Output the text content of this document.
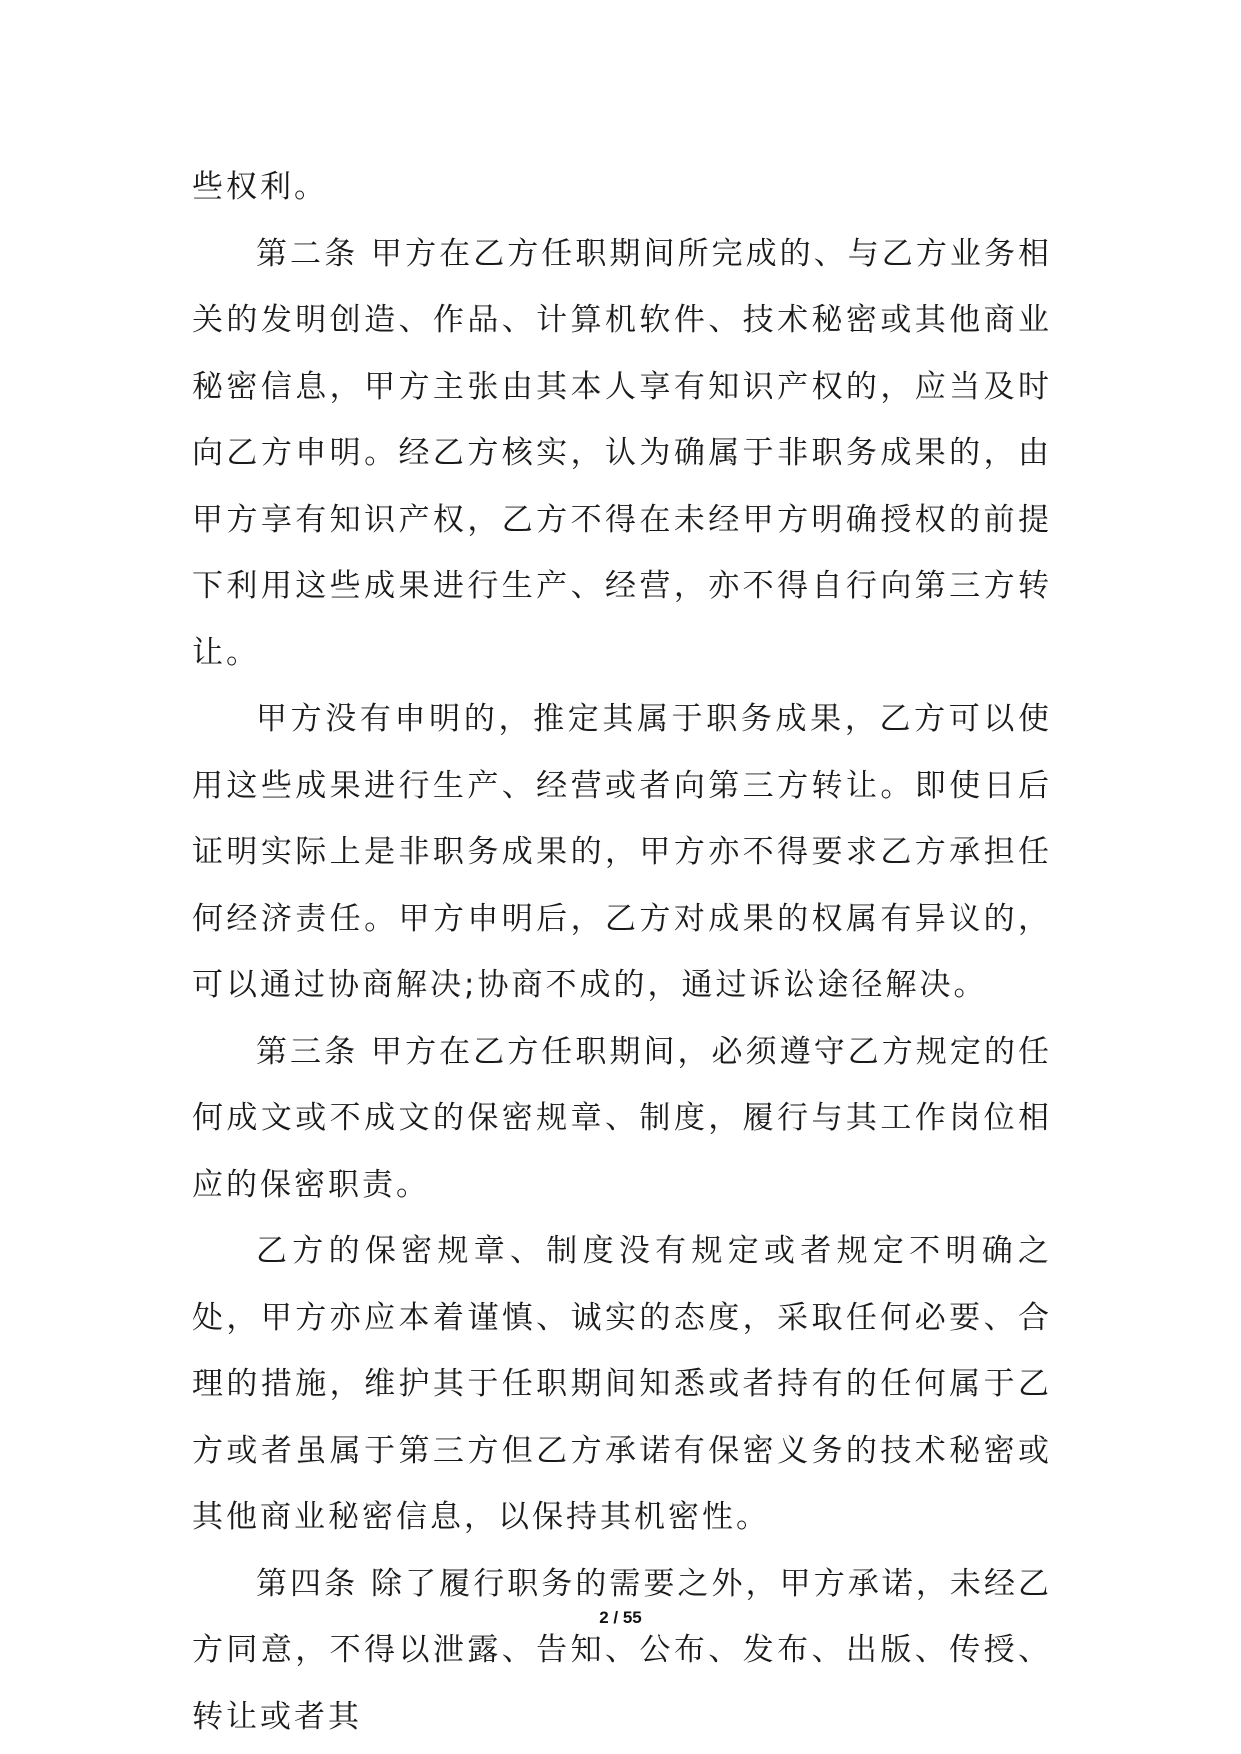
些权利。

第二条 甲方在乙方任职期间所完成的、与乙方业务相关的发明创造、作品、计算机软件、技术秘密或其他商业秘密信息，甲方主张由其本人享有知识产权的，应当及时向乙方申明。经乙方核实，认为确属于非职务成果的，由甲方享有知识产权，乙方不得在未经甲方明确授权的前提下利用这些成果进行生产、经营，亦不得自行向第三方转让。

甲方没有申明的，推定其属于职务成果，乙方可以使用这些成果进行生产、经营或者向第三方转让。即使日后证明实际上是非职务成果的，甲方亦不得要求乙方承担任何经济责任。甲方申明后，乙方对成果的权属有异议的，可以通过协商解决;协商不成的，通过诉讼途径解决。

第三条 甲方在乙方任职期间，必须遵守乙方规定的任何成文或不成文的保密规章、制度，履行与其工作岗位相应的保密职责。

乙方的保密规章、制度没有规定或者规定不明确之处，甲方亦应本着谨慎、诚实的态度，采取任何必要、合理的措施，维护其于任职期间知悉或者持有的任何属于乙方或者虽属于第三方但乙方承诺有保密义务的技术秘密或其他商业秘密信息，以保持其机密性。

第四条 除了履行职务的需要之外，甲方承诺，未经乙方同意，不得以泄露、告知、公布、发布、出版、传授、转让或者其

2 / 55
